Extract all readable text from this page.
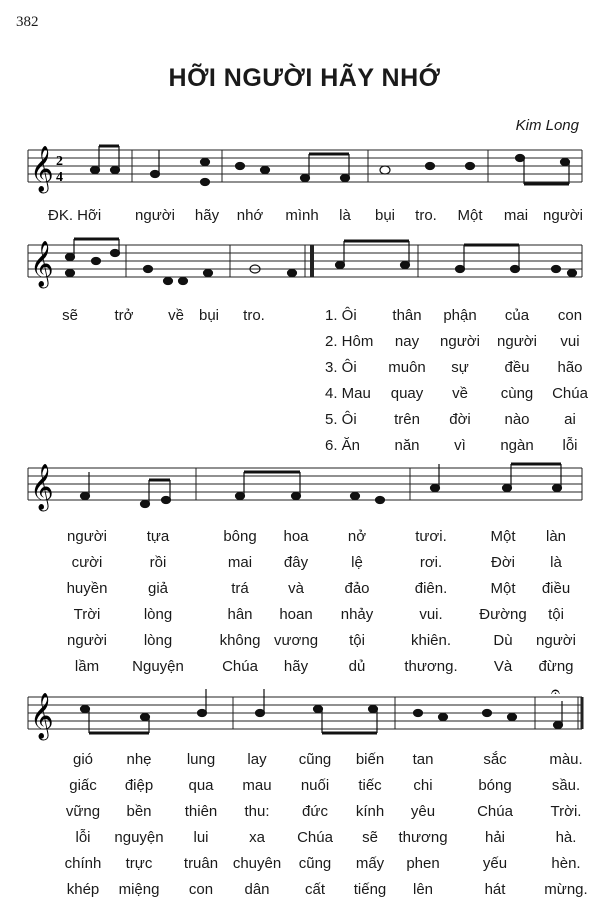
382
HỠI NGƯỜI HÃY NHỚ
Kim Long
𝄞 2
4
ĐK. Hỡi người hãy nhớ mình là bụi tro. Một mai người
𝄞
sẽ trở về bụi tro.	1. Ôi thân phận của con
2. Hôm nay người người vui
3. Ôi muôn sự đều hão
4. Mau quay về cùng Chúa
5. Ôi trên đời nào ai
6. Ăn năn vì ngàn lỗi
𝄞
người	tựa	bông hoa	nở	tươi.	Một làn
cười	rồi	mai đây	lệ	rơi.	Đời là
huyền	giả	trá	và	đảo	điên.	Một điều
Trời	lòng	hân hoan nhảy	vui. Đường tội
người lòng	không vương tội	khiên.	Dù người
lầm Nguyện	Chúa hãy	dủ	thương. Và đừng
𝄞
𝄐
gió nhẹ lung lay cũng biến tan	sắc	màu.
giấc điệp qua mau nuối tiếc chi	bóng	sầu.
vững bền thiên thu: đức kính yêu	Chúa	Trời.
lỗi nguyện lui	xa Chúa sẽ thương hải	hà.
chính trực truân chuyên cũng mấy phen	yếu	hèn.
khép miệng con dân cất tiếng lên	hát	mừng.
